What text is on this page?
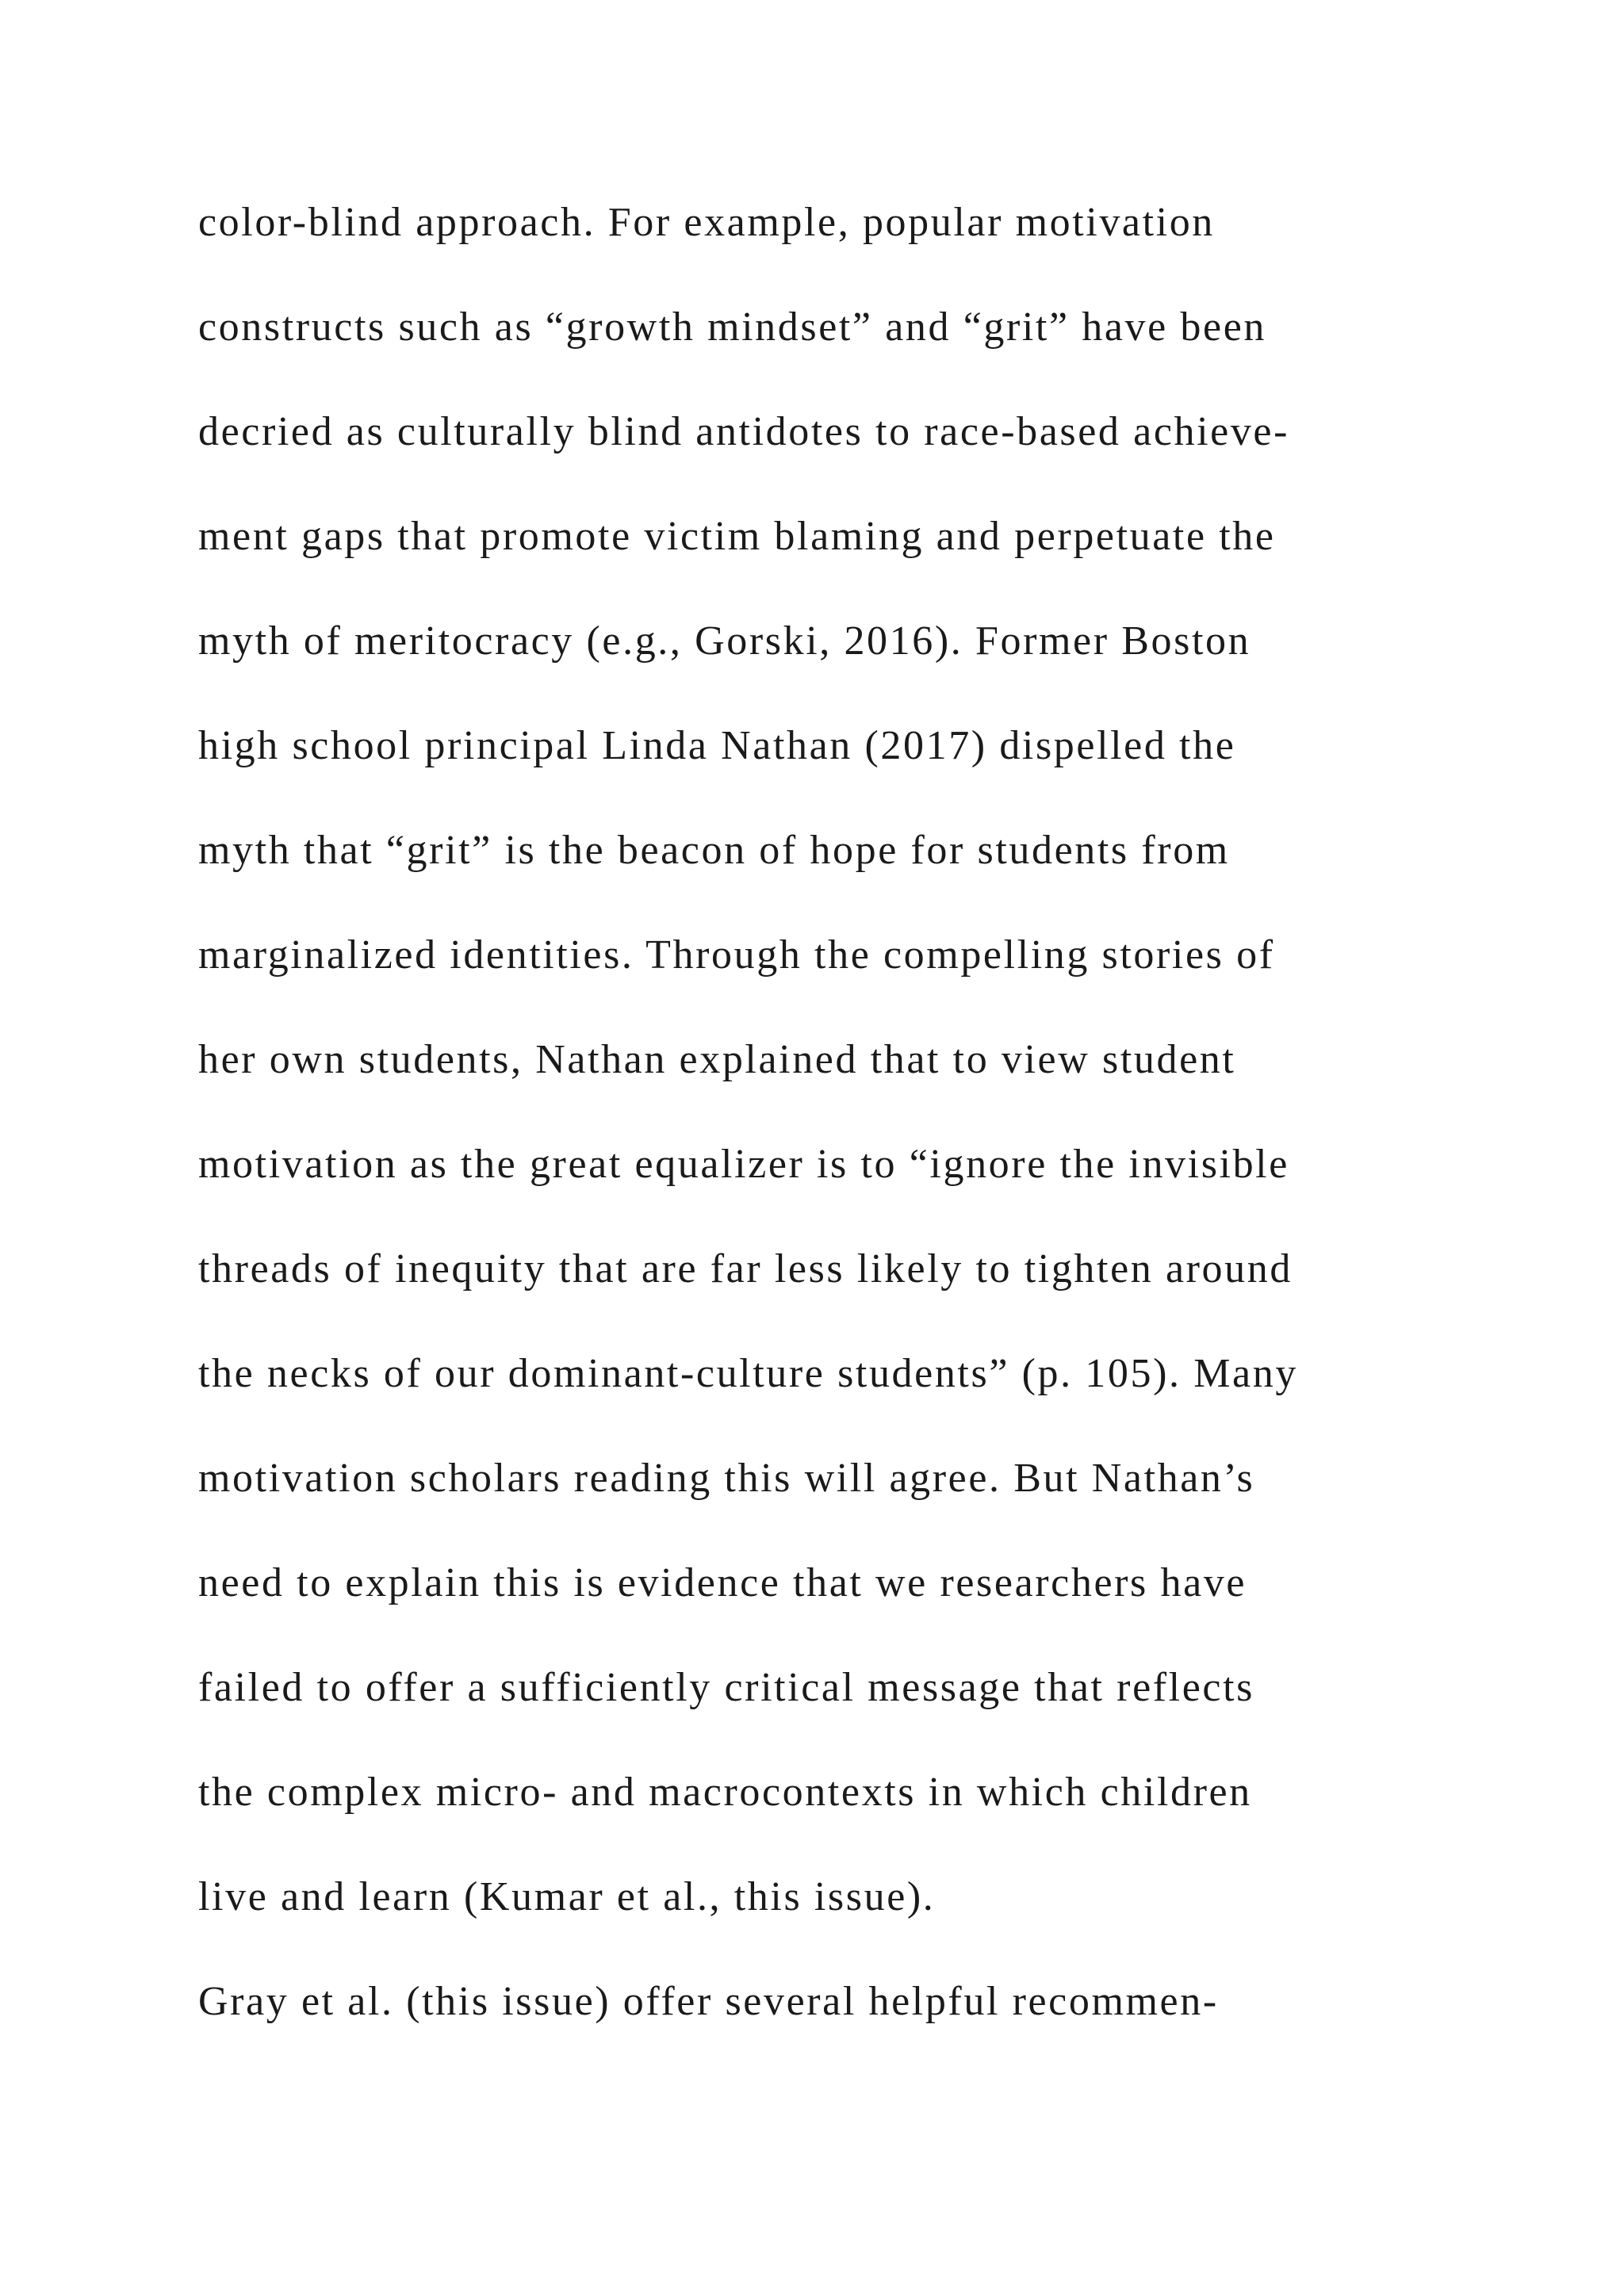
color-blind approach. For example, popular motivation
constructs such as “growth mindset” and “grit” have been
decried as culturally blind antidotes to race-based achieve-
ment gaps that promote victim blaming and perpetuate the
myth of meritocracy (e.g., Gorski, 2016). Former Boston
high school principal Linda Nathan (2017) dispelled the
myth that “grit” is the beacon of hope for students from
marginalized identities. Through the compelling stories of
her own students, Nathan explained that to view student
motivation as the great equalizer is to “ignore the invisible
threads of inequity that are far less likely to tighten around
the necks of our dominant-culture students” (p. 105). Many
motivation scholars reading this will agree. But Nathan’s
need to explain this is evidence that we researchers have
failed to offer a sufficiently critical message that reflects
the complex micro- and macrocontexts in which children
live and learn (Kumar et al., this issue).
Gray et al. (this issue) offer several helpful recommen-
